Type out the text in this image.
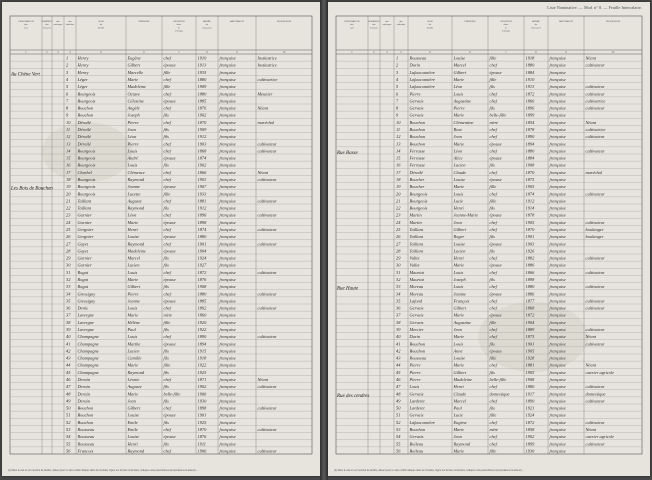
DÉSIGNATION
des
rues
1
NUMÉROS
des
maisons
2
des
ménages
3
des
individus
4
NOM
de
famille
5
PRÉNOMS
6
SITUATION
dans
le
ménage
7
ANNÉE
de
naissance
8
NATIONALITÉ
9
PROFESSION
10
1 Henry	Eugène	chef	1910	française	Institutrice
2 Henry	Gilbert	épouse	1913	française	Institutrice
3 Henry	Marcelle	fille	1935	française
4 Léger	Marie	chef	1880	française	cultivatrice
5 Léger	Madeleine	fille	1909	française
6 Bourgeois	Octave	chef	1880	française	Meunier
7 Bourgeois	Célestine	épouse	1885	française
8 Bouchon	Angèle	chef	1876	française	Néant
9 Bouchon	Joseph	fils	1902	française
10 Dérailé	Pierre	chef	1870	française	maréchal
11 Dérailé	Jean	fils	1909	française
12 Dérailé	Léon	fils	1912	française
13 Dérailé	Pierre	chef	1903	française	cultivateur
14 Bourgeois	Louis	chef	1868	française	cultivateur
15 Bourgeois	André	épouse	1874	française
16 Bourgeois	Louis	fils	1902	française
17 Charbel	Clémence	chef	1866	française	Néant
18 Bourgeois	Raymond	chef	1903	française	cultivateur
19 Bourgeois	Jeanne	épouse	1907	française
20 Bourgeois	Lucette	fille	1933	française
21 Taillant	Auguste	chef	1881	française	cultivateur
22 Taillant	Raymond	fils	1912	française
23 Garnier	Léon	chef	1896	française	cultivateur
24 Garnier	Marie	épouse	1898	française
25 Gergnier	Henri	chef	1874	française	cultivateur
26 Gergnier	Louise	épouse	1880	française
27 Gayet	Raymond	chef	1901	française	cultivateur
28 Gayet	Madeleine	épouse	1904	française
29 Garnier	Marcel	fils	1924	française
30 Garnier	Lucien	fils	1927	française
31 Rogat	Louis	chef	1872	française	cultivateur
32 Rogat	Marie	épouse	1876	française
33 Rogat	Gilbert	fils	1908	française
34 Gressigny	Pierre	chef	1880	française	cultivateur
35 Gressigny	Jeanne	épouse	1885	française
36 Denis	Louis	chef	1892	française	cultivateur
37 Lavergne	Marie	mère	1860	française
38 Lavergne	Hélène	fille	1920	française
39 Lavergne	Paul	fils	1922	française
40 Champagne	Louis	chef	1890	française	cultivateur
41 Champagne	Marthe	épouse	1894	française
42 Champagne	Lucien	fils	1915	française
43 Champagne	Camille	fils	1918	française
44 Champagne	Marie	fille	1922	française
45 Champagne	Raymond	fils	1925	française
46 Derain	Léonie	chef	1871	française	Néant
47 Derain	Auguste	fils	1902	française	cultivateur
48 Derain	Marie	belle-fille	1906	française
49 Derain	Jean	fils	1930	française
50 Bouchon	Gilbert	chef	1898	française	cultivateur
51 Bouchon	Louise	épouse	1901	française
52 Bouchon	Emile	fils	1925	française
53 Rousseau	Emile	chef	1870	française	cultivateur
54 Rousseau	Louise	épouse	1876	française
55 Rousseau	Henri	fils	1911	française
56 Francois	Raymond	chef	1906	française	cultivateur
Au Chêne Vert
Les Bois de Bouchen
(1) Dans le cas où un membre de famille, absent pour un des motifs indiqués dans la circulaire, figure sur la liste nominative, indiquer entre parenthèses (temporairement absent) ...
Liste Nominative. — Mod. n° 8. — Feuille Intercalaire.
DÉSIGNATION
des
rues
1
NUMÉROS
des
maisons
2
des
ménages
3
des
individus
4
NOM
de
famille
5
PRÉNOMS
6
SITUATION
dans
le
ménage
7
ANNÉE
de
naissance
8
NATIONALITÉ
9
PROFESSION
10
1	Rousseau	Louise	fille	1918	française	Néant
2	Durin	Marcel	chef	1880	française	cultivateur
3	Lafauconnière	Gilbert	épouse	1884	française
4	Lafauconnière	Marie	fille	1910	française
5	Lafauconnière	Léon	fils	1913	française	cultivateur
6	Pierre	Louis	chef	1872	française	cultivateur
7	Gervais	Augustine	chef	1866	française	cultivatrice
8	Gervais	Pierre	fils	1896	française	cultivateur
9	Gervais	Marie	belle-fille	1899	française
10 Bouchon	Clémentine	mère	1854	française	Néant
11 Bouchon	Rose	chef	1878	française	cultivatrice
12 Bouchon	Jean	chef	1890	française	cultivateur
13 Bouchon	Marie	épouse	1894	française
14 Ferrasse	Léon	chef	1880	française	cultivateur
15 Ferrasse	Alice	épouse	1884	française
16 Ferrasse	Lucien	fils	1908	française
17 Dérailé	Claude	chef	1870	française	maréchal
18 Boucher	Louise	épouse	1875	française
19 Boucher	Marie	fille	1905	française
20 Bourgeois	Louis	chef	1874	française	cultivateur
21 Bourgeois	Lucie	fille	1912	française
22 Bourgeois	Henri	fils	1914	française
23 Martin	Jeanne-Marie	épouse	1878	française
24 Martin	Jean	chef	1905	française	cultivateur
25 Taillant	Gilbert	chef	1870	française	boulanger
26 Taillant	Roger	fils	1901	française	boulanger
27 Taillant	Louise	épouse	1903	française
28 Taillant	Lucien	fils	1926	française
29 Vallet	Henri	chef	1882	française	cultivateur
30 Vallet	Marie	épouse	1886	française
31 Mauriat	Louis	chef	1866	française	cultivateur
32 Mauriat	Joseph	fils	1898	française
33 Moreau	Louis	chef	1880	française	cultivateur
34 Moreau	Jeanne	épouse	1886	française
35 Lafond	François	chef	1877	française	cultivateur
36 Gervais	Gilbert	chef	1868	française	cultivateur
37 Gervais	Marie	épouse	1872	française
38 Gervais	Augustine	fille	1904	française
39 Mercier	Jean	chef	1889	française	cultivateur
40 Durin	Marie	chef	1875	française	Néant
41 Bouchon	Louis	fils	1901	française	cultivateur
42 Bouchon	Anne	épouse	1905	française
43 Rousseau	Louise	fille	1928	française
44 Pierre	Marie	chef	1881	française	Néant
45 Pierre	Gilbert	fils	1905	française	ouvrier agricole
46 Pierre	Madeleine	belle-fille	1908	française
47 Louis	Henri	chef	1880	française	cultivateur
48 Gervais	Claude	domestique	1917	française	domestique
49 Larderet	Marcel	chef	1890	française	cultivateur
50 Larderet	Paul	fils	1921	française
51 Gervais	Lucie	fille	1924	française
52 Lafauconnière	Eugène	chef	1872	française	cultivateur
53 Bouchon	Marie	mère	1858	française	Néant
54 Gervais	Jean	chef	1902	française	ouvrier agricole
55 Boileau	Raymond	chef	1899	française	cultivateur
56 Boileau	Marie	fille	1930	française
Rue Basse
Rue Haute
Rue des cendres
(1) Dans le cas où un membre de famille, absent pour un des motifs indiqués dans la circulaire, figure sur la liste nominative, indiquer entre parenthèses (temporairement absent) ...
